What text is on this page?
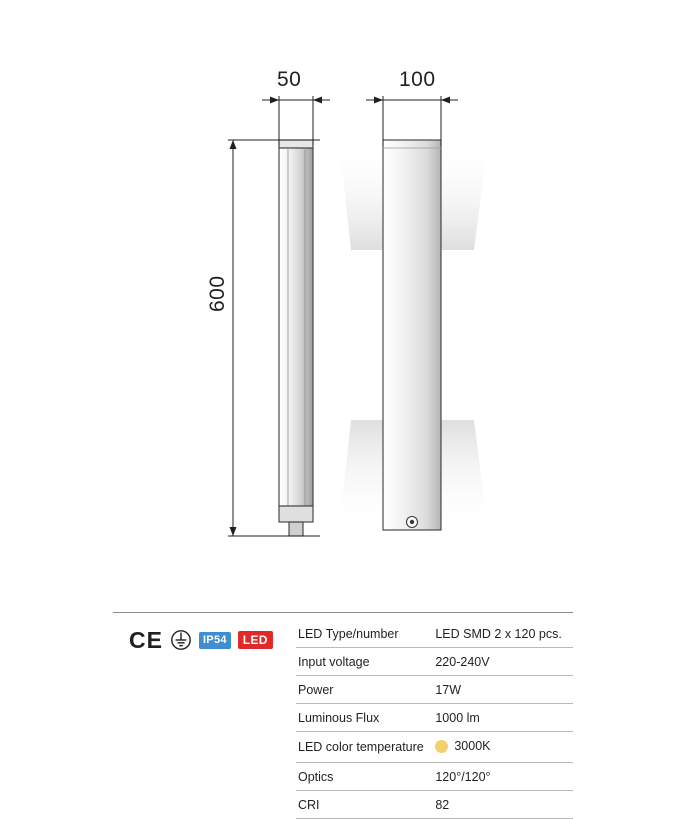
50	100
600
CE	IP54	LED	LED Type/number	LED SMD 2 x 120 pcs.
Input voltage	220-240V
Power	17W
Luminous Flux	1000 lm
LED color temperature	3000K

Optics	120°/120°
CRI	82
